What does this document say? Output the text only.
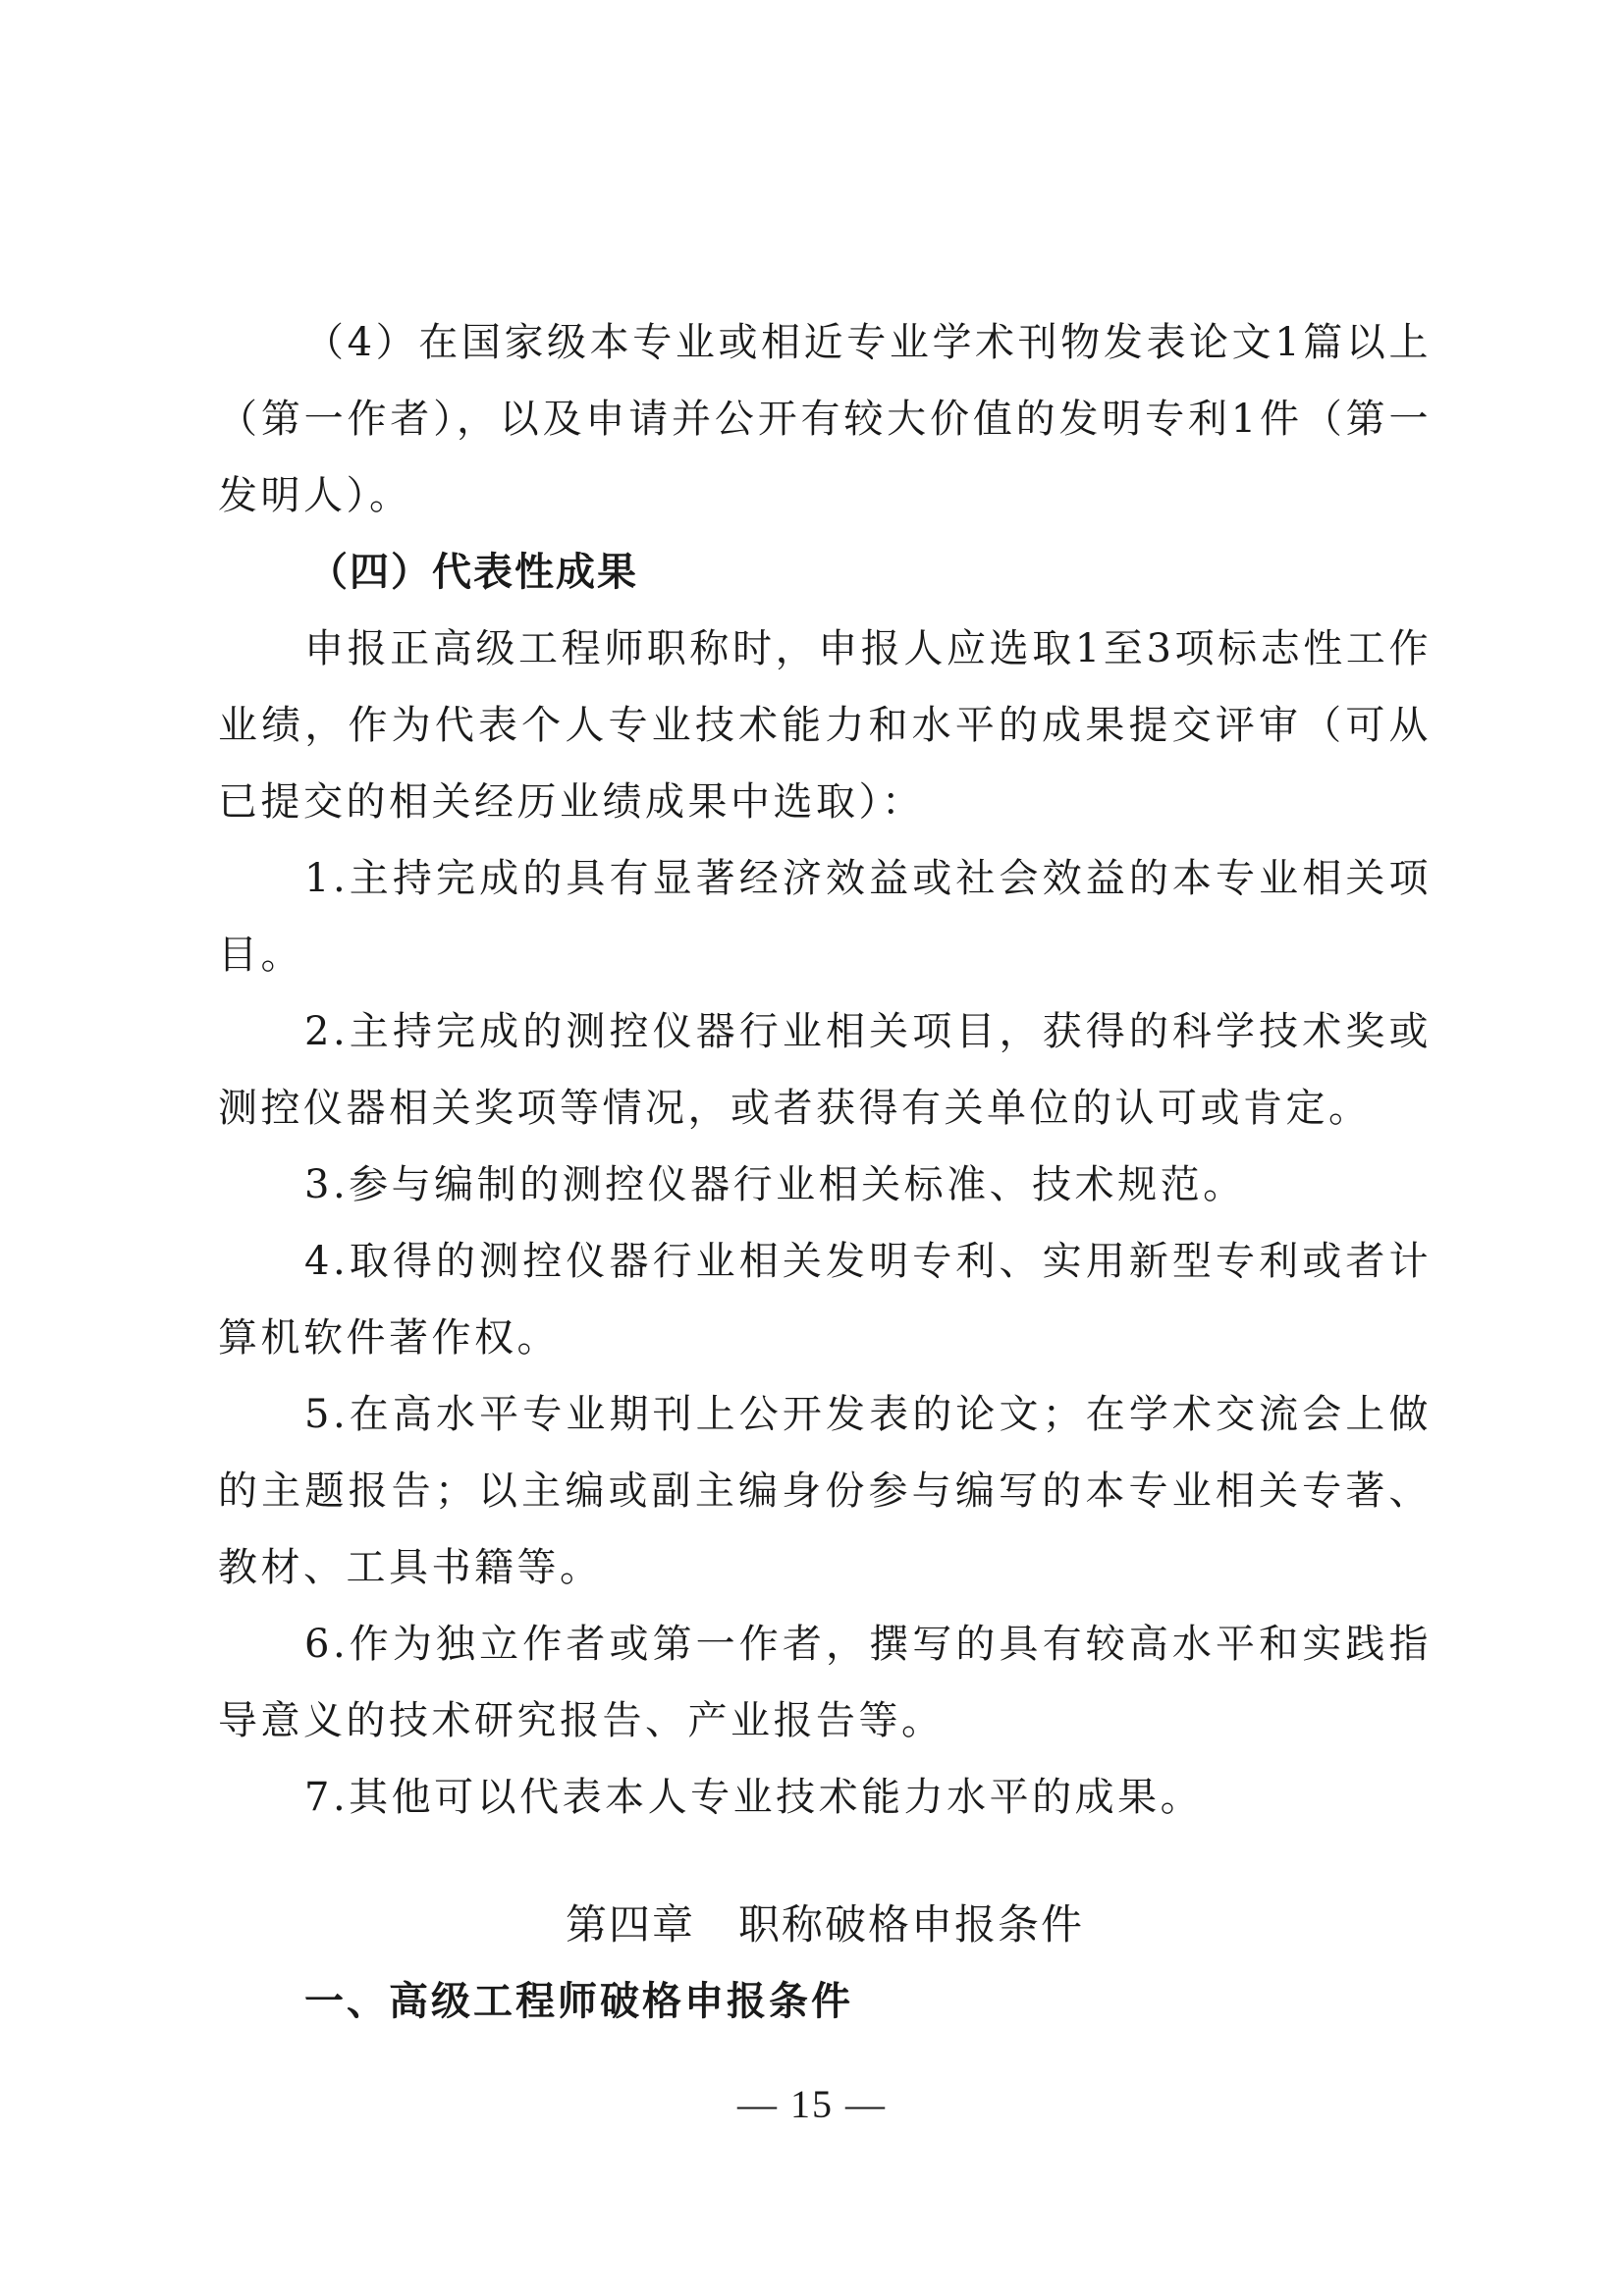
（4）在国家级本专业或相近专业学术刊物发表论文1篇以上（第一作者），以及申请并公开有较大价值的发明专利1件（第一发明人）。

（四）代表性成果

申报正高级工程师职称时，申报人应选取1至3项标志性工作业绩，作为代表个人专业技术能力和水平的成果提交评审（可从已提交的相关经历业绩成果中选取）：

1.主持完成的具有显著经济效益或社会效益的本专业相关项目。

2.主持完成的测控仪器行业相关项目，获得的科学技术奖或测控仪器相关奖项等情况，或者获得有关单位的认可或肯定。

3.参与编制的测控仪器行业相关标准、技术规范。

4.取得的测控仪器行业相关发明专利、实用新型专利或者计算机软件著作权。

5.在高水平专业期刊上公开发表的论文；在学术交流会上做的主题报告；以主编或副主编身份参与编写的本专业相关专著、教材、工具书籍等。

6.作为独立作者或第一作者，撰写的具有较高水平和实践指导意义的技术研究报告、产业报告等。

7.其他可以代表本人专业技术能力水平的成果。

第四章　职称破格申报条件

一、高级工程师破格申报条件

— 15 —
